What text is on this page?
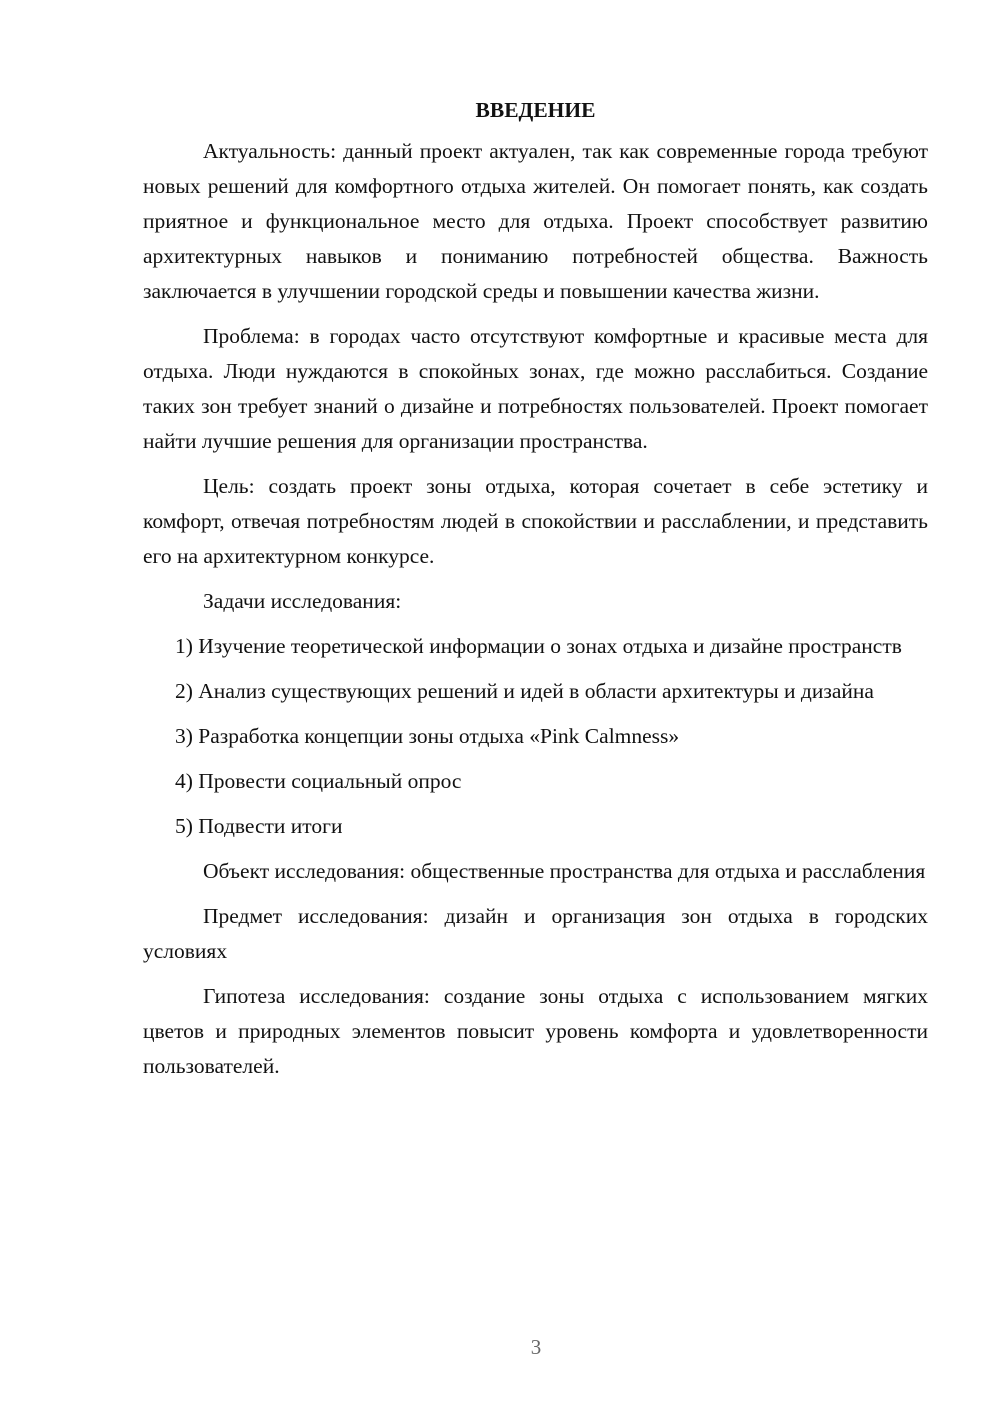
ВВЕДЕНИЕ

Актуальность: данный проект актуален, так как современные города требуют новых решений для комфортного отдыха жителей. Он помогает понять, как создать приятное и функциональное место для отдыха. Проект способствует развитию архитектурных навыков и пониманию потребностей общества. Важность заключается в улучшении городской среды и повышении качества жизни.

Проблема: в городах часто отсутствуют комфортные и красивые места для отдыха. Люди нуждаются в спокойных зонах, где можно расслабиться. Создание таких зон требует знаний о дизайне и потребностях пользователей. Проект помогает найти лучшие решения для организации пространства.

Цель: создать проект зоны отдыха, которая сочетает в себе эстетику и комфорт, отвечая потребностям людей в спокойствии и расслаблении, и представить его на архитектурном конкурсе.

Задачи исследования:

1) Изучение теоретической информации о зонах отдыха и дизайне пространств

2) Анализ существующих решений и идей в области архитектуры и дизайна

3) Разработка концепции зоны отдыха «Pink Calmness»

4) Провести социальный опрос

5) Подвести итоги

Объект исследования: общественные пространства для отдыха и расслабления

Предмет исследования: дизайн и организация зон отдыха в городских условиях

Гипотеза исследования: создание зоны отдыха с использованием мягких цветов и природных элементов повысит уровень комфорта и удовлетворенности пользователей.

3
